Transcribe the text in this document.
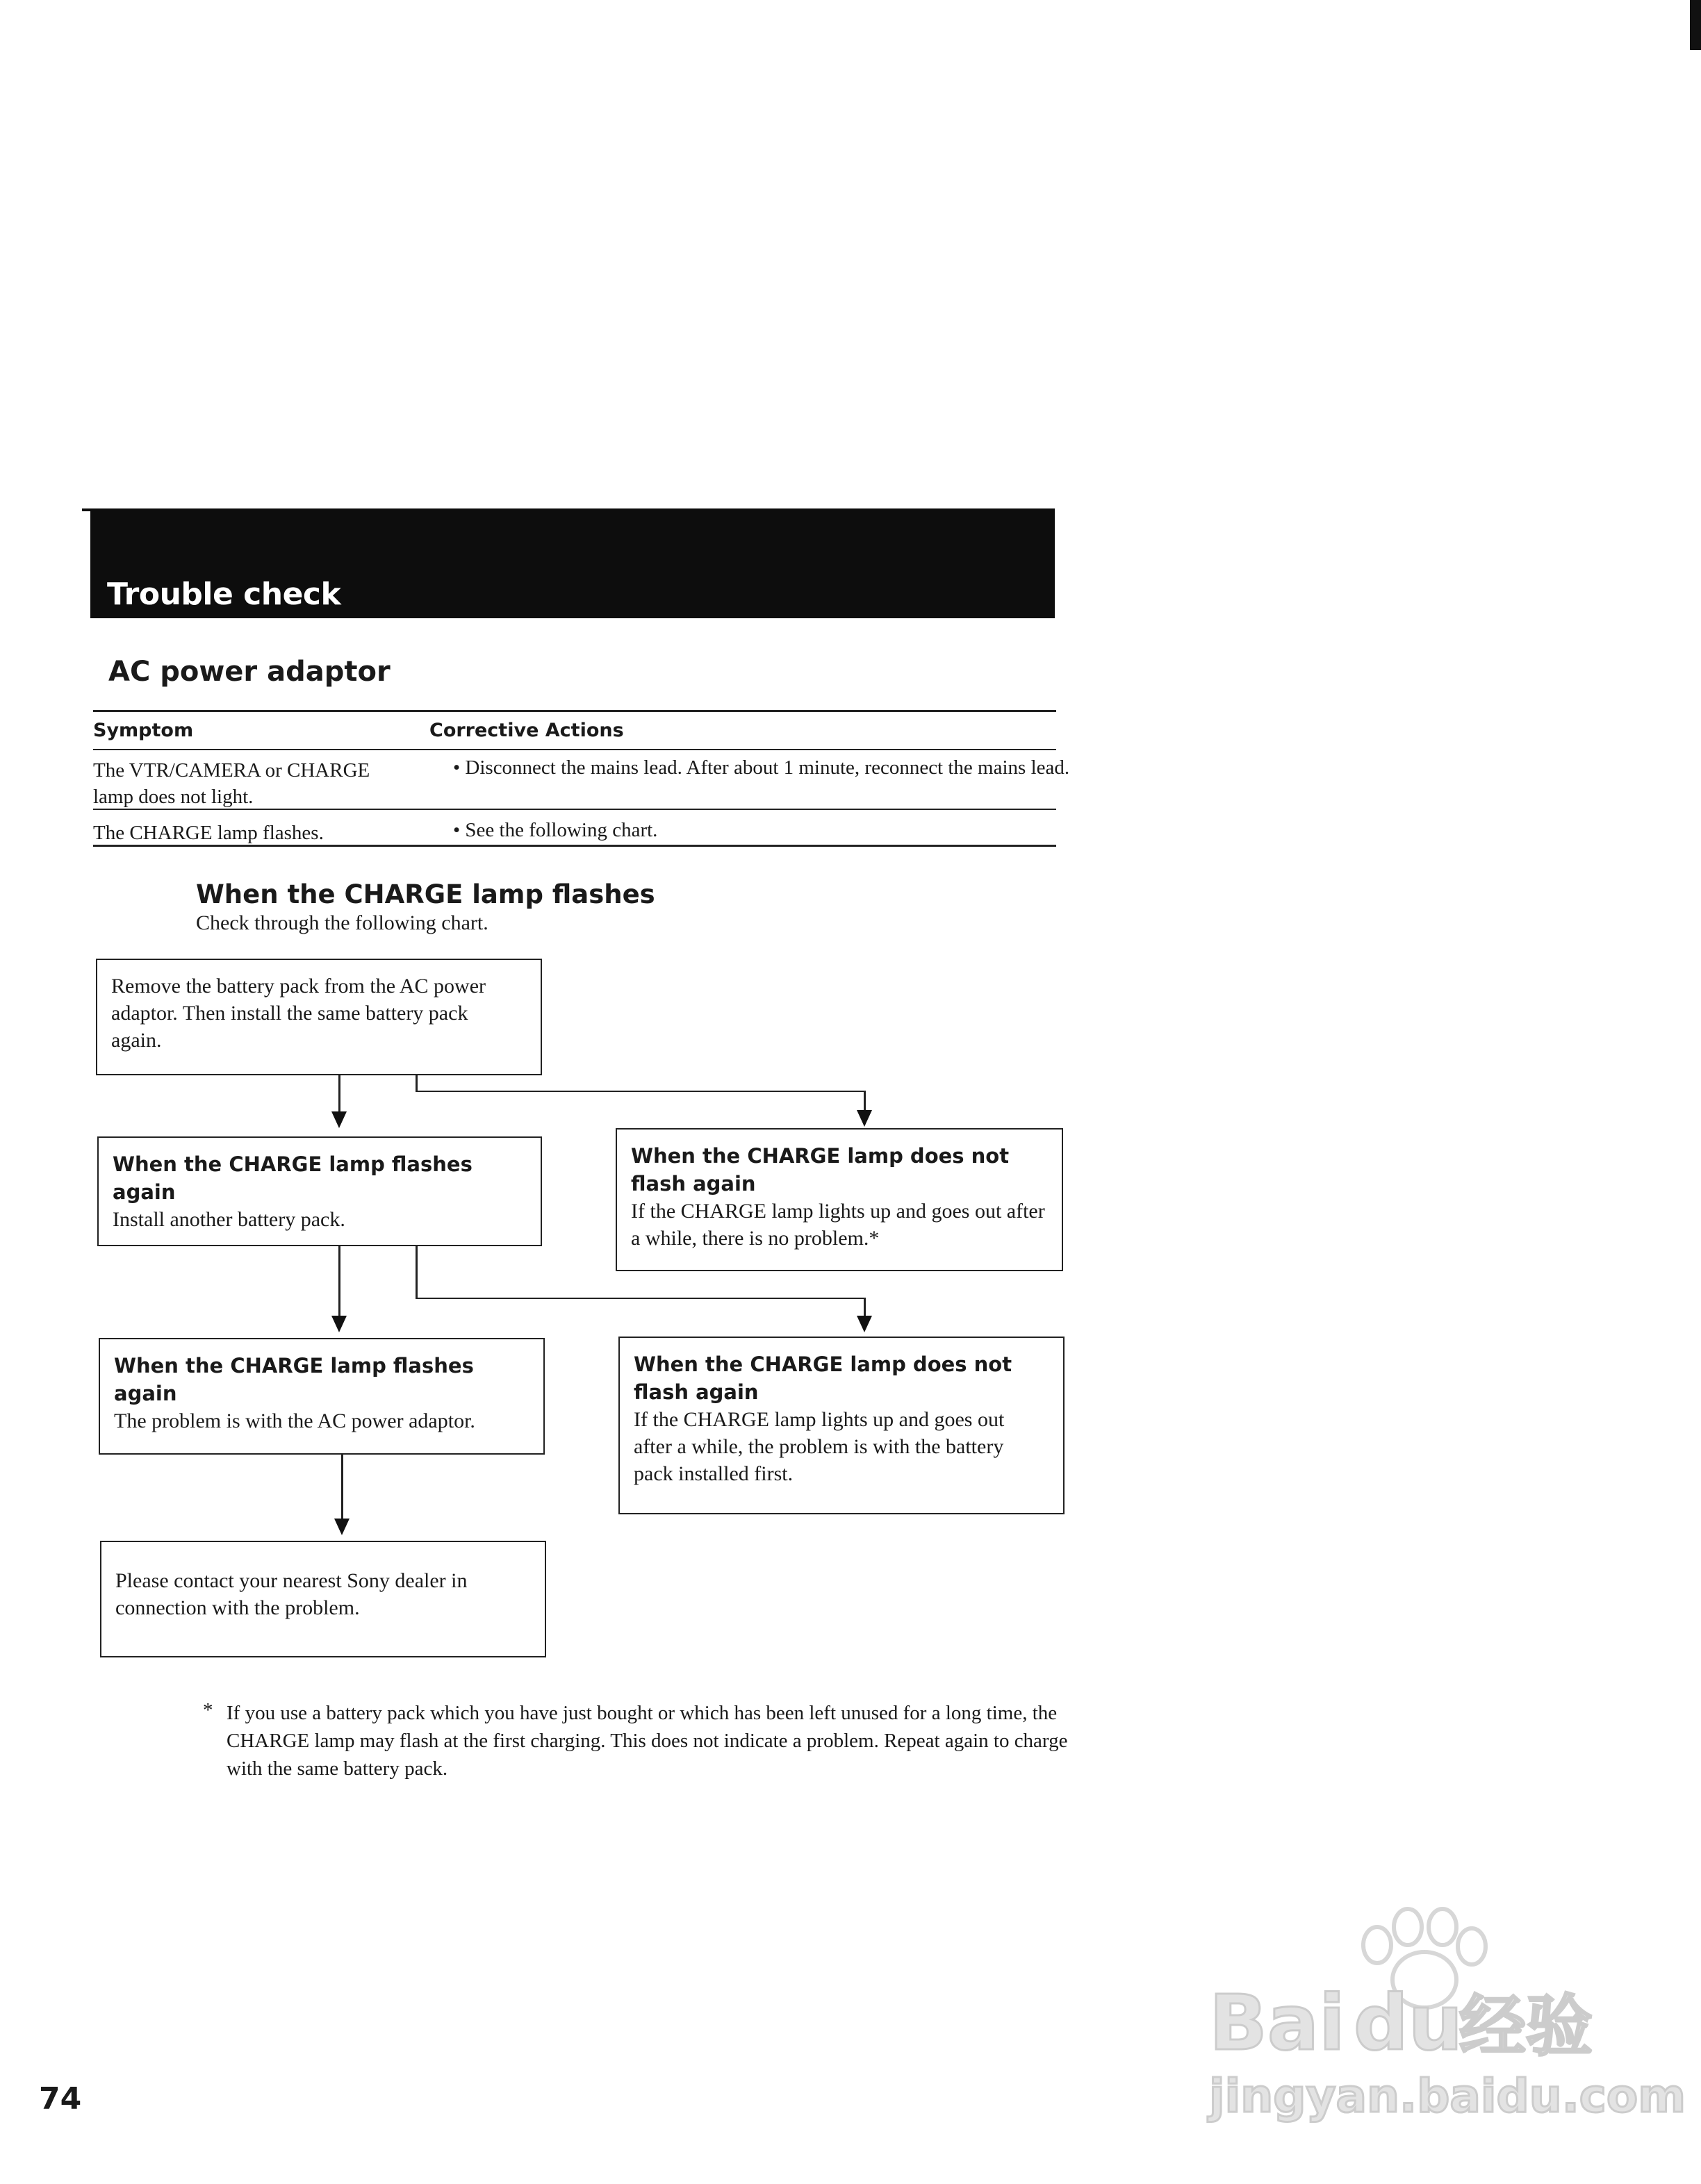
Trouble check
AC power adaptor
Symptom	Corrective Actions
The VTR/CAMERA or CHARGE lamp does not light.
• Disconnect the mains lead. After about 1 minute, reconnect the mains lead.
The CHARGE lamp flashes.	• See the following chart.
When the CHARGE lamp flashes
Check through the following chart.
Remove the battery pack from the AC power adaptor. Then install the same battery pack again.
When the CHARGE lamp flashes again
Install another battery pack.
When the CHARGE lamp does not flash again
If the CHARGE lamp lights up and goes out after a while, there is no problem.*
When the CHARGE lamp flashes again
The problem is with the AC power adaptor.
When the CHARGE lamp does not flash again
If the CHARGE lamp lights up and goes out after a while, the problem is with the battery pack installed first.
Please contact your nearest Sony dealer in connection with the problem.
* If you use a battery pack which you have just bought or which has been left unused for a long time, the CHARGE lamp may flash at the first charging. This does not indicate a problem. Repeat again to charge with the same battery pack.
74
Bai du
经验
jingyan.baidu.com
